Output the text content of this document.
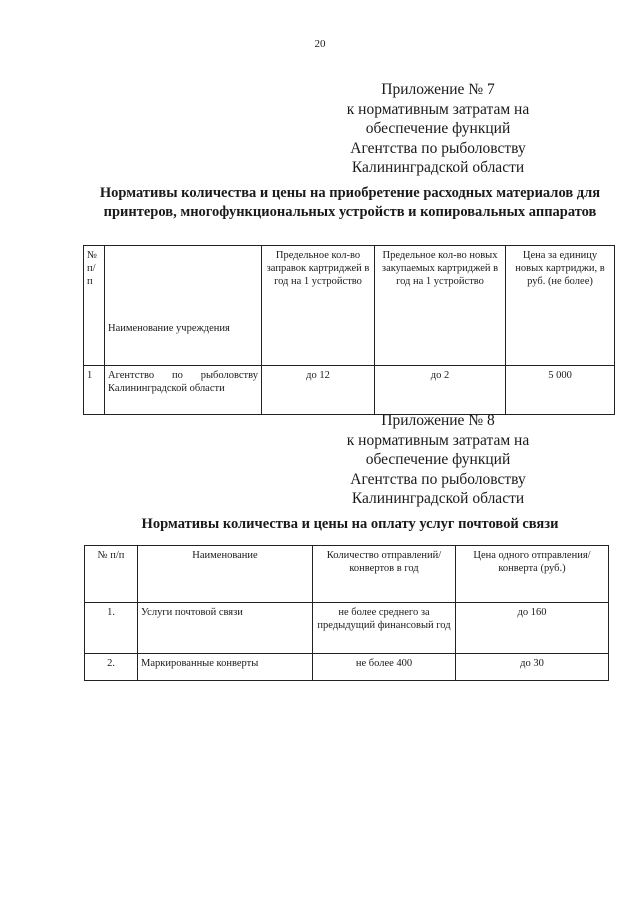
20
Приложение № 7
к нормативным затратам на
обеспечение функций
Агентства по рыболовству
Калининградской области
Нормативы количества и цены на приобретение расходных материалов для принтеров, многофункциональных устройств и копировальных аппаратов
№ п/п	Наименование учреждения	Предельное кол-во заправок картриджей в год на 1 устройство	Предельное кол-во новых закупаемых картриджей в год на 1 устройство	Цена за единицу новых картриджи, в руб. (не более)
1	Агентство по рыболовству Калининградской области	до 12	до 2	5 000
Приложение № 8
к нормативным затратам на
обеспечение функций
Агентства по рыболовству
Калининградской области
Нормативы количества и цены на оплату услуг почтовой связи
№ п/п	Наименование	Количество отправлений/конвертов в год	Цена одного отправления/ конверта (руб.)
1.	Услуги почтовой связи	не более среднего за предыдущий финансовый год	до 160
2.	Маркированные конверты	не более 400	до 30
